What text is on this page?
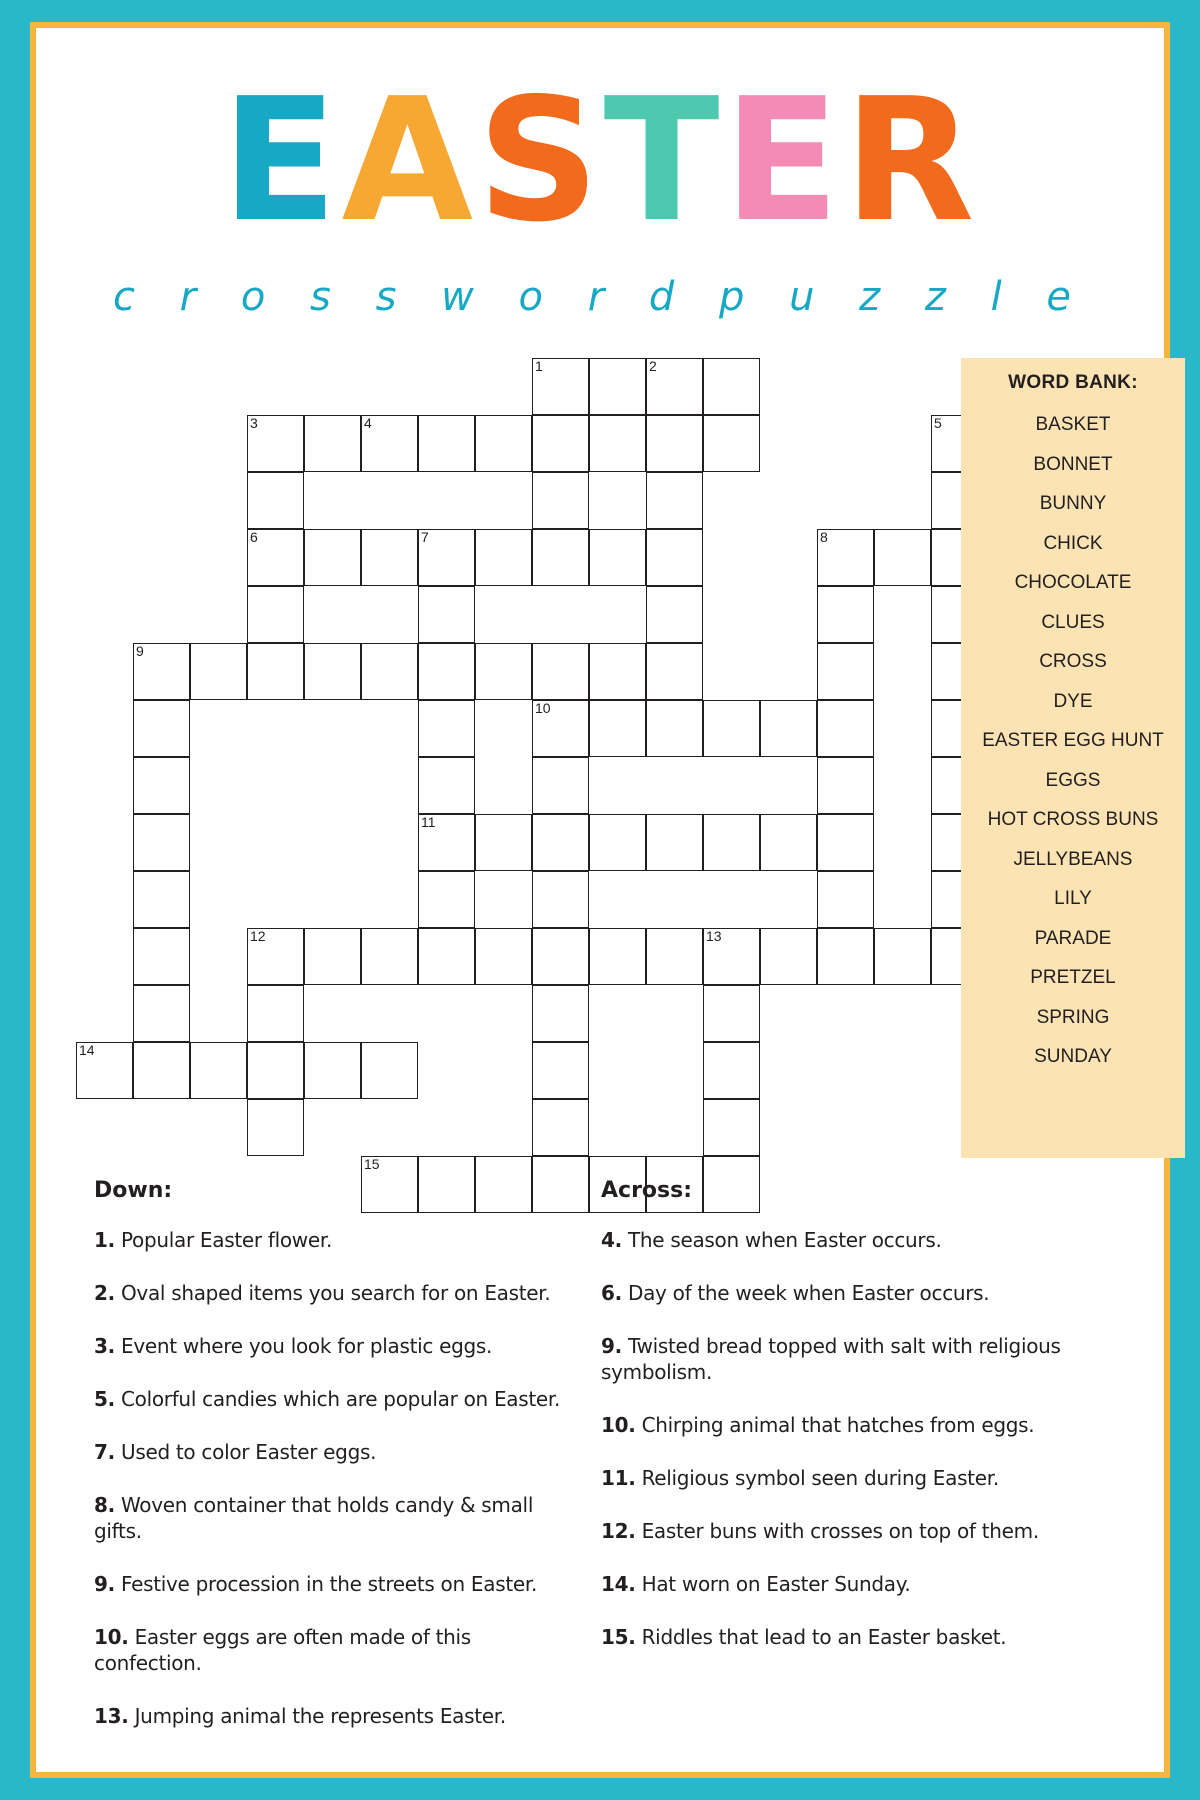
EASTER
c r o s s w o r d p u z z l e
1	2
3	4	5
6	7	8
9
10
11
12	13
14
15
WORD BANK:
BASKET
BONNET
BUNNY
CHICK
CHOCOLATE
CLUES
CROSS
DYE
EASTER EGG HUNT
EGGS
HOT CROSS BUNS
JELLYBEANS
LILY
PARADE
PRETZEL
SPRING
SUNDAY
Down:

1. Popular Easter flower.

2. Oval shaped items you search for on Easter.

3. Event where you look for plastic eggs.

5. Colorful candies which are popular on Easter.

7. Used to color Easter eggs.

8. Woven container that holds candy & small gifts.

9. Festive procession in the streets on Easter.

10. Easter eggs are often made of this confection.

13. Jumping animal the represents Easter.

Across:

4. The season when Easter occurs.

6. Day of the week when Easter occurs.

9. Twisted bread topped with salt with religious symbolism.

10. Chirping animal that hatches from eggs.

11. Religious symbol seen during Easter.

12. Easter buns with crosses on top of them.

14. Hat worn on Easter Sunday.

15. Riddles that lead to an Easter basket.
